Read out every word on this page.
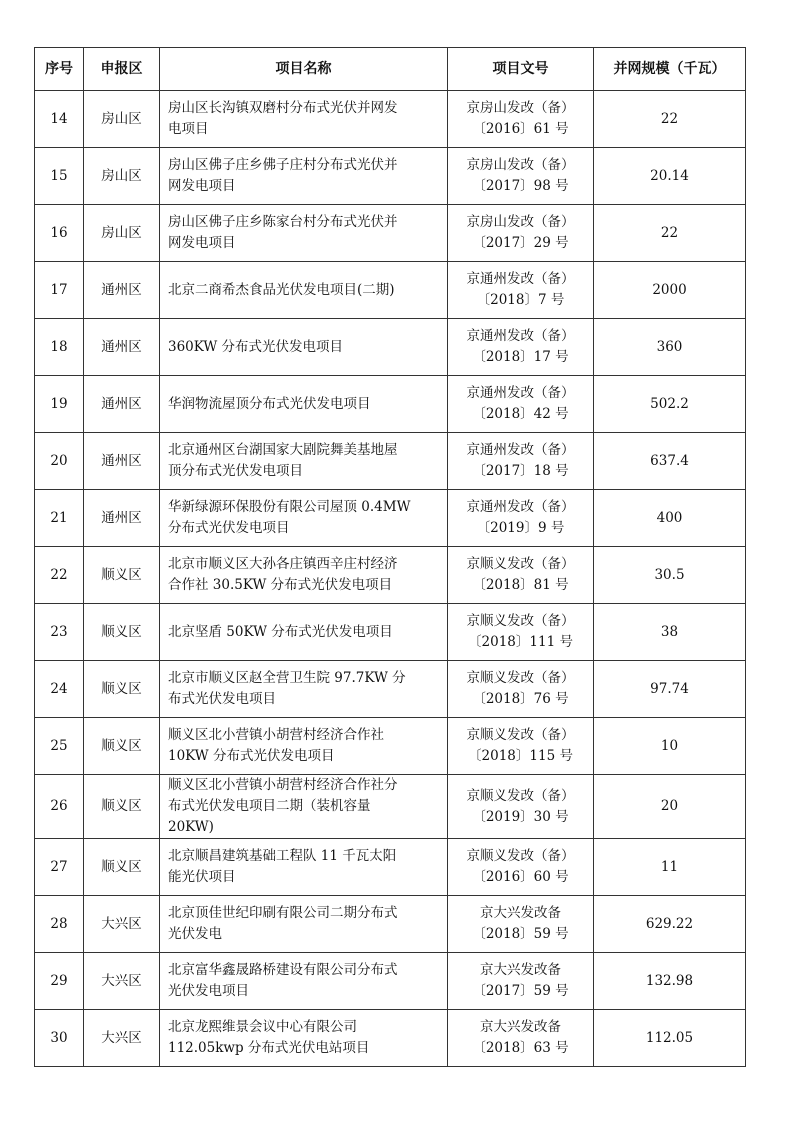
序号	申报区	项目名称	项目文号	并网规模（千瓦）
14	房山区	房山区长沟镇双磨村分布式光伏并网发
电项目	京房山发改（备）
〔2016〕61 号	22
15	房山区	房山区佛子庄乡佛子庄村分布式光伏并
网发电项目	京房山发改（备）
〔2017〕98 号	20.14
16	房山区	房山区佛子庄乡陈家台村分布式光伏并
网发电项目	京房山发改（备）
〔2017〕29 号	22
17	通州区	北京二商希杰食品光伏发电项目(二期)	京通州发改（备）
〔2018〕7 号	2000
18	通州区	360KW 分布式光伏发电项目	京通州发改（备）
〔2018〕17 号	360
19	通州区	华润物流屋顶分布式光伏发电项目	京通州发改（备）
〔2018〕42 号	502.2
20	通州区	北京通州区台湖国家大剧院舞美基地屋
顶分布式光伏发电项目	京通州发改（备）
〔2017〕18 号	637.4
21	通州区	华新绿源环保股份有限公司屋顶 0.4MW
分布式光伏发电项目	京通州发改（备）
〔2019〕9 号	400
22	顺义区	北京市顺义区大孙各庄镇西辛庄村经济
合作社 30.5KW 分布式光伏发电项目	京顺义发改（备）
〔2018〕81 号	30.5
23	顺义区	北京坚盾 50KW 分布式光伏发电项目	京顺义发改（备）
〔2018〕111 号	38
24	顺义区	北京市顺义区赵全营卫生院 97.7KW 分
布式光伏发电项目	京顺义发改（备）
〔2018〕76 号	97.74
25	顺义区	顺义区北小营镇小胡营村经济合作社
10KW 分布式光伏发电项目	京顺义发改（备）
〔2018〕115 号	10
26	顺义区	顺义区北小营镇小胡营村经济合作社分
布式光伏发电项目二期（装机容量
20KW)	京顺义发改（备）
〔2019〕30 号	20
27	顺义区	北京顺昌建筑基础工程队 11 千瓦太阳
能光伏项目	京顺义发改（备）
〔2016〕60 号	11
28	大兴区	北京顶佳世纪印刷有限公司二期分布式
光伏发电	京大兴发改备
〔2018〕59 号	629.22
29	大兴区	北京富华鑫晟路桥建设有限公司分布式
光伏发电项目	京大兴发改备
〔2017〕59 号	132.98
30	大兴区	北京龙熙维景会议中心有限公司
112.05kwp 分布式光伏电站项目	京大兴发改备
〔2018〕63 号	112.05
